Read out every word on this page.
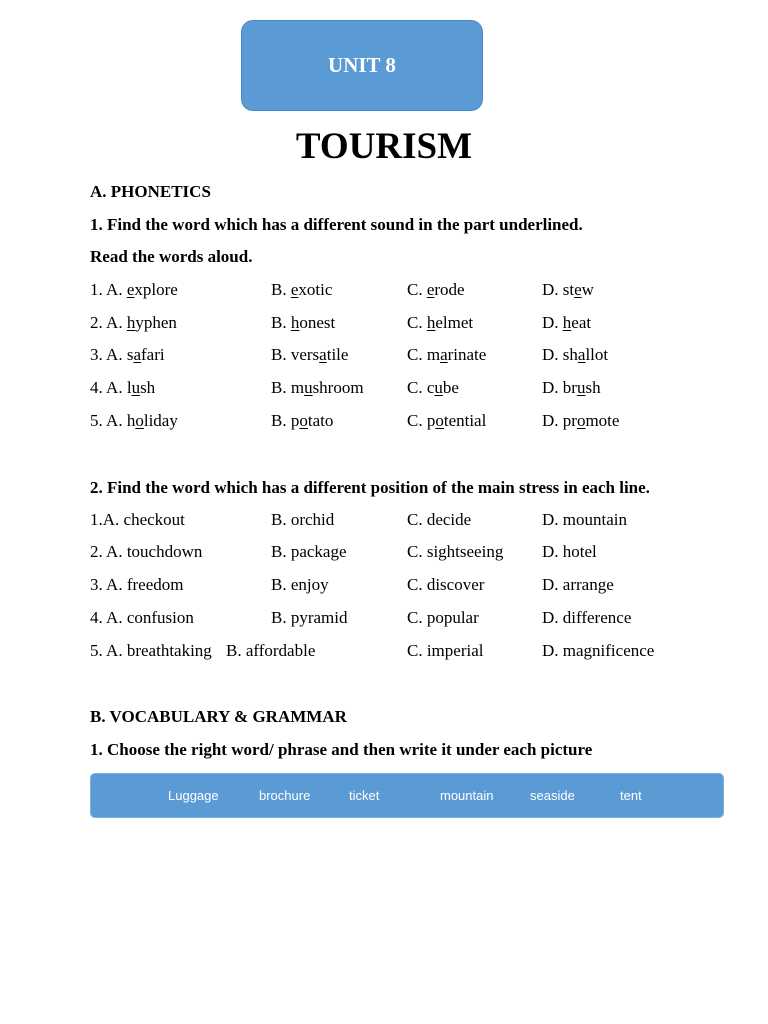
UNIT 8
TOURISM
A. PHONETICS
1. Find the word which has a different sound in the part underlined.
Read the words aloud.
1. A. explore	B. exotic	C. erode	D. stew
2. A. hyphen	B. honest	C. helmet	D. heat
3. A. safari	B. versatile	C. marinate	D. shallot
4. A. lush	B. mushroom	C. cube	D. brush
5. A. holiday	B. potato	C. potential	D. promote
2. Find the word which has a different position of the main stress in each line.
1.A. checkout	B. orchid	C. decide	D. mountain
2. A. touchdown	B. package	C. sightseeing D. hotel
3. A. freedom	B. enjoy	C. discover	D. arrange
4. A. confusion	B. pyramid	C. popular	D. difference
5. A. breathtaking B. affordable	C. imperial	D. magnificence
B. VOCABULARY & GRAMMAR
1. Choose the right word/ phrase and then write it under each picture
Luggage	brochure	ticket	mountain	seaside	tent
